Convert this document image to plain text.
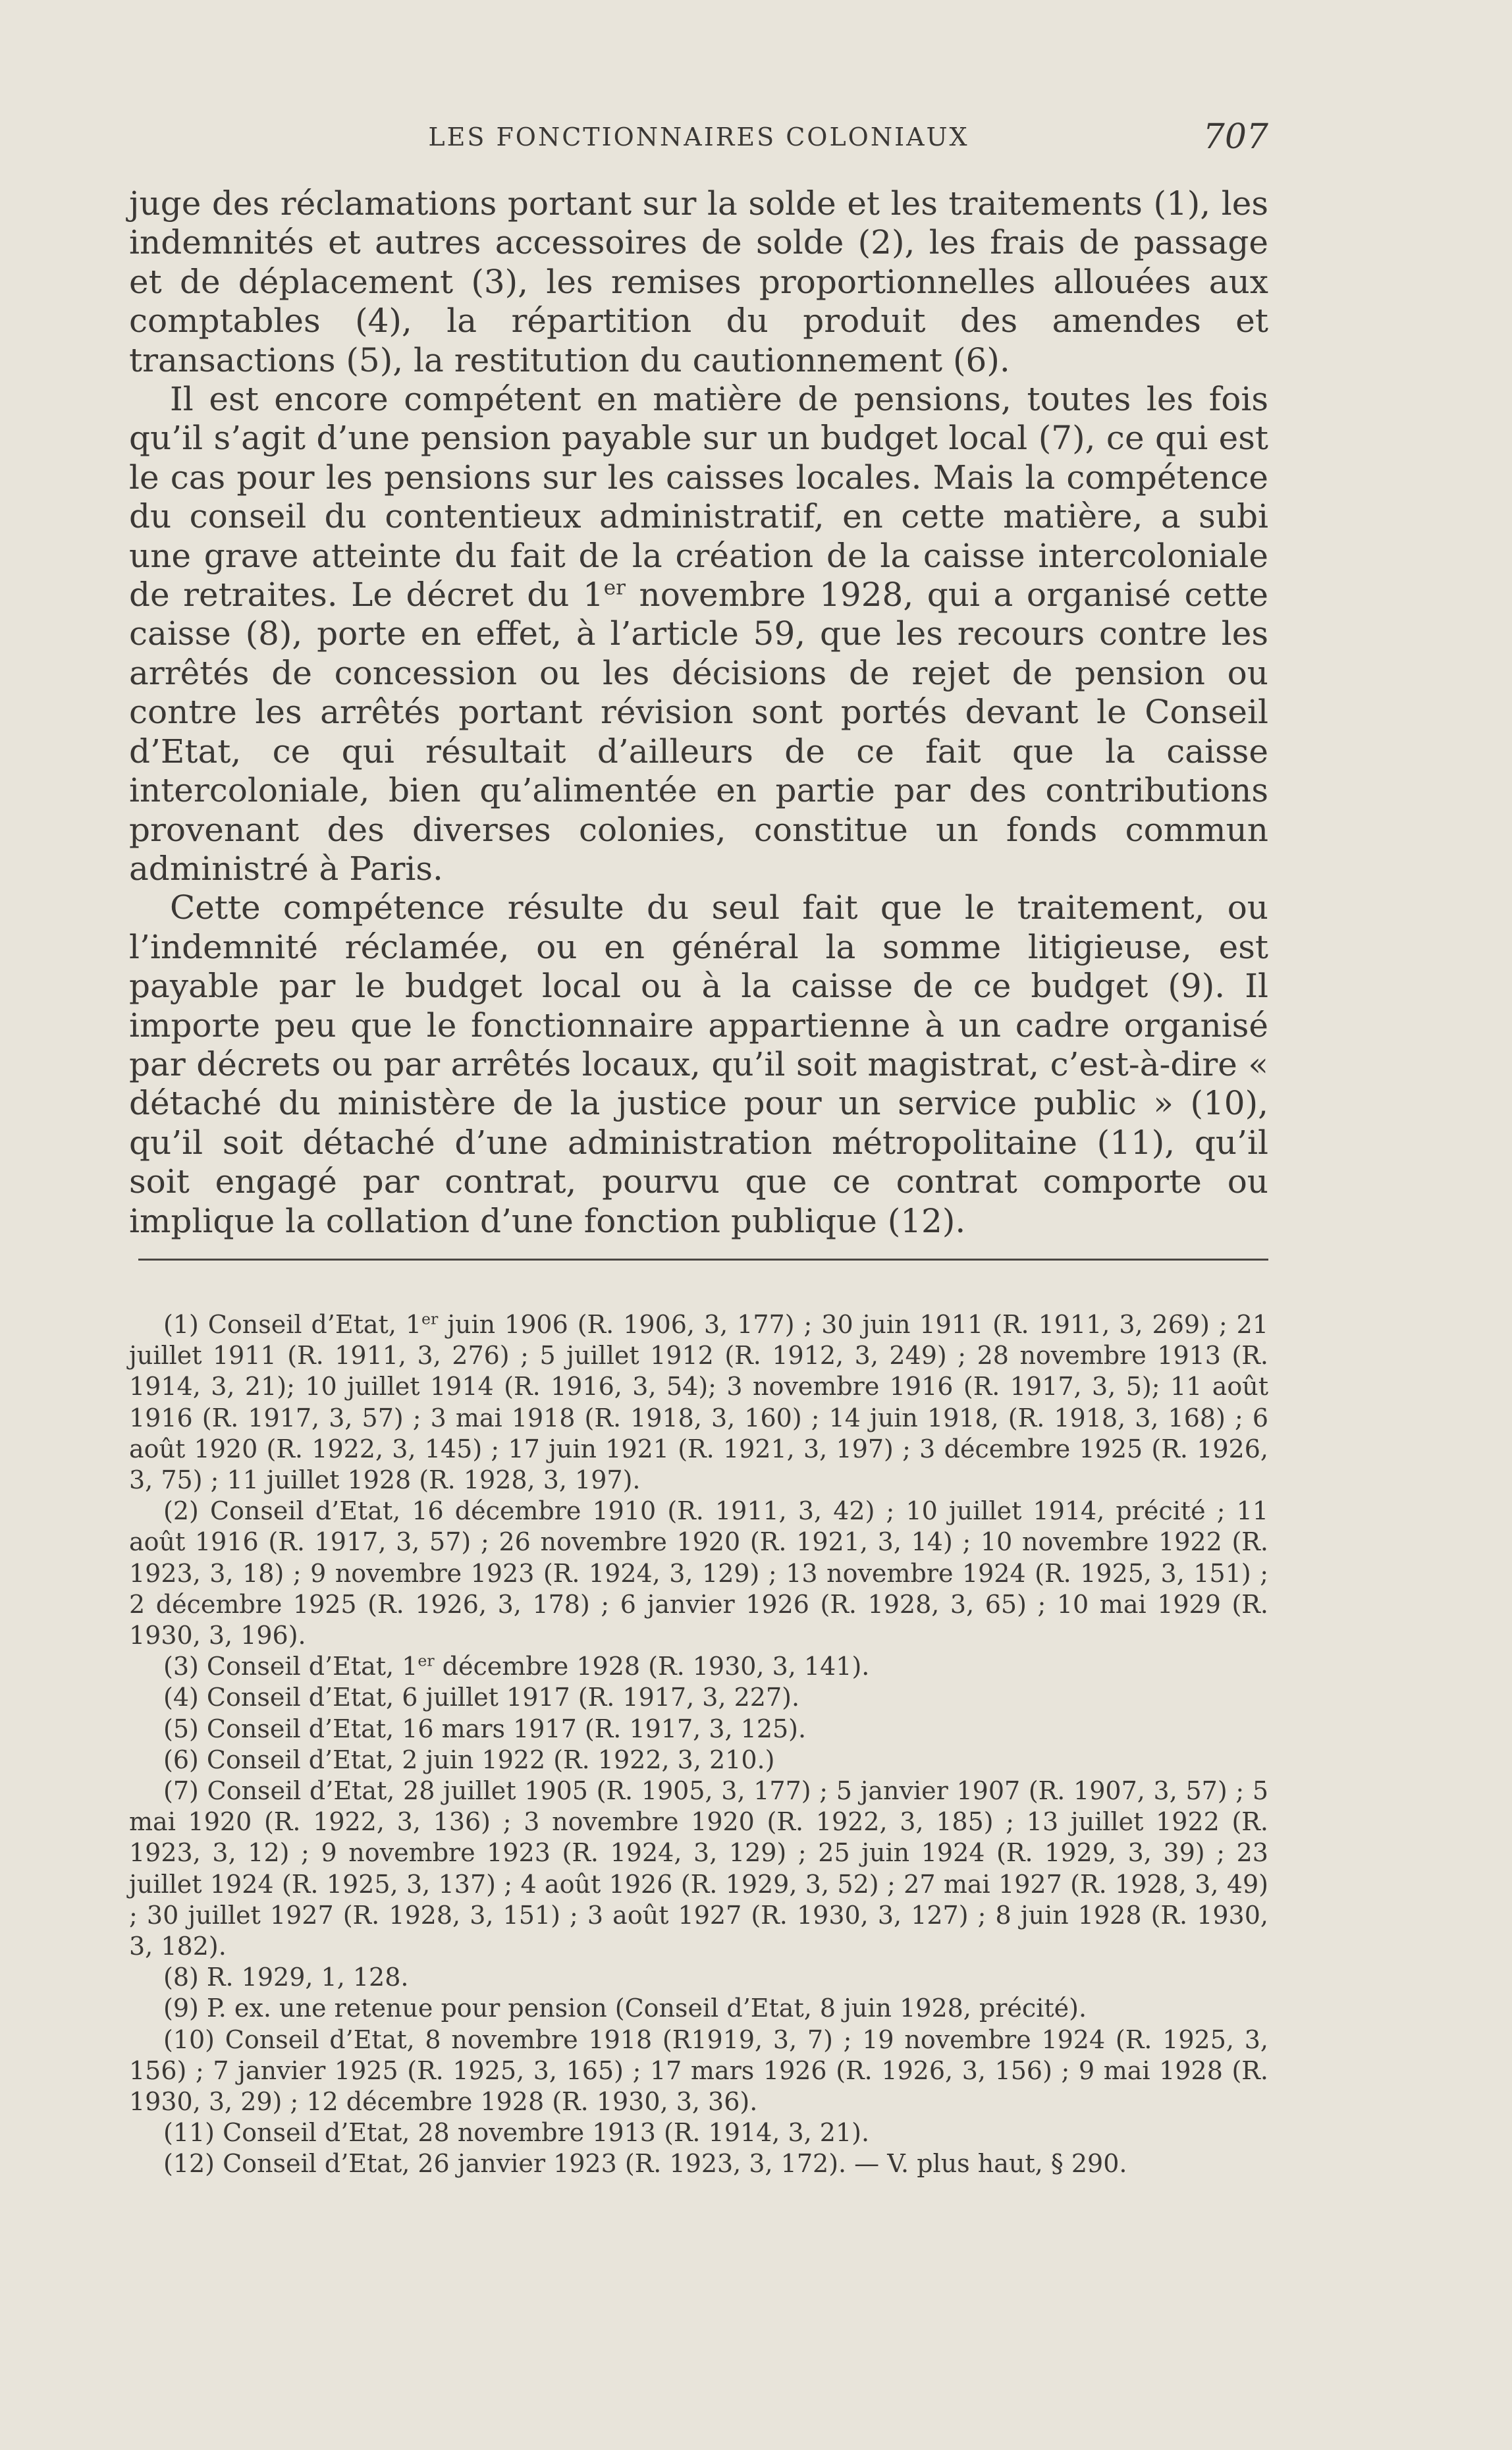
LES FONCTIONNAIRES COLONIAUX	707

juge des réclamations portant sur la solde et les traitements (1), les indemnités et autres accessoires de solde (2), les frais de passage et de déplacement (3), les remises proportionnelles allouées aux comptables (4), la répartition du produit des amendes et transactions (5), la restitution du cautionnement (6).

Il est encore compétent en matière de pensions, toutes les fois qu’il s’agit d’une pension payable sur un budget local (7), ce qui est le cas pour les pensions sur les caisses locales. Mais la compétence du conseil du contentieux administratif, en cette matière, a subi une grave atteinte du fait de la création de la caisse intercoloniale de retraites. Le décret du 1er novembre 1928, qui a organisé cette caisse (8), porte en effet, à l’article 59, que les recours contre les arrêtés de concession ou les décisions de rejet de pension ou contre les arrêtés portant révision sont portés devant le Conseil d’Etat, ce qui résultait d’ailleurs de ce fait que la caisse intercoloniale, bien qu’alimentée en partie par des contributions provenant des diverses colonies, constitue un fonds commun administré à Paris.

Cette compétence résulte du seul fait que le traitement, ou l’indemnité réclamée, ou en général la somme litigieuse, est payable par le budget local ou à la caisse de ce budget (9). Il importe peu que le fonctionnaire appartienne à un cadre organisé par décrets ou par arrêtés locaux, qu’il soit magistrat, c’est-à-dire « détaché du ministère de la justice pour un service public » (10), qu’il soit détaché d’une administration métropolitaine (11), qu’il soit engagé par contrat, pourvu que ce contrat comporte ou implique la collation d’une fonction publique (12).

(1) Conseil d’Etat, 1er juin 1906 (R. 1906, 3, 177) ; 30 juin 1911 (R. 1911, 3, 269) ; 21 juillet 1911 (R. 1911, 3, 276) ; 5 juillet 1912 (R. 1912, 3, 249) ; 28 novembre 1913 (R. 1914, 3, 21); 10 juillet 1914 (R. 1916, 3, 54); 3 novembre 1916 (R. 1917, 3, 5); 11 août 1916 (R. 1917, 3, 57) ; 3 mai 1918 (R. 1918, 3, 160) ; 14 juin 1918, (R. 1918, 3, 168) ; 6 août 1920 (R. 1922, 3, 145) ; 17 juin 1921 (R. 1921, 3, 197) ; 3 décembre 1925 (R. 1926, 3, 75) ; 11 juillet 1928 (R. 1928, 3, 197).

(2) Conseil d’Etat, 16 décembre 1910 (R. 1911, 3, 42) ; 10 juillet 1914, précité ; 11 août 1916 (R. 1917, 3, 57) ; 26 novembre 1920 (R. 1921, 3, 14) ; 10 novembre 1922 (R. 1923, 3, 18) ; 9 novembre 1923 (R. 1924, 3, 129) ; 13 novembre 1924 (R. 1925, 3, 151) ; 2 décembre 1925 (R. 1926, 3, 178) ; 6 janvier 1926 (R. 1928, 3, 65) ; 10 mai 1929 (R. 1930, 3, 196).

(3) Conseil d’Etat, 1er décembre 1928 (R. 1930, 3, 141).

(4) Conseil d’Etat, 6 juillet 1917 (R. 1917, 3, 227).

(5) Conseil d’Etat, 16 mars 1917 (R. 1917, 3, 125).

(6) Conseil d’Etat, 2 juin 1922 (R. 1922, 3, 210.)

(7) Conseil d’Etat, 28 juillet 1905 (R. 1905, 3, 177) ; 5 janvier 1907 (R. 1907, 3, 57) ; 5 mai 1920 (R. 1922, 3, 136) ; 3 novembre 1920 (R. 1922, 3, 185) ; 13 juillet 1922 (R. 1923, 3, 12) ; 9 novembre 1923 (R. 1924, 3, 129) ; 25 juin 1924 (R. 1929, 3, 39) ; 23 juillet 1924 (R. 1925, 3, 137) ; 4 août 1926 (R. 1929, 3, 52) ; 27 mai 1927 (R. 1928, 3, 49) ; 30 juillet 1927 (R. 1928, 3, 151) ; 3 août 1927 (R. 1930, 3, 127) ; 8 juin 1928 (R. 1930, 3, 182).

(8) R. 1929, 1, 128.

(9) P. ex. une retenue pour pension (Conseil d’Etat, 8 juin 1928, précité).

(10) Conseil d’Etat, 8 novembre 1918 (R1919, 3, 7) ; 19 novembre 1924 (R. 1925, 3, 156) ; 7 janvier 1925 (R. 1925, 3, 165) ; 17 mars 1926 (R. 1926, 3, 156) ; 9 mai 1928 (R. 1930, 3, 29) ; 12 décembre 1928 (R. 1930, 3, 36).

(11) Conseil d’Etat, 28 novembre 1913 (R. 1914, 3, 21).

(12) Conseil d’Etat, 26 janvier 1923 (R. 1923, 3, 172). — V. plus haut, § 290.
